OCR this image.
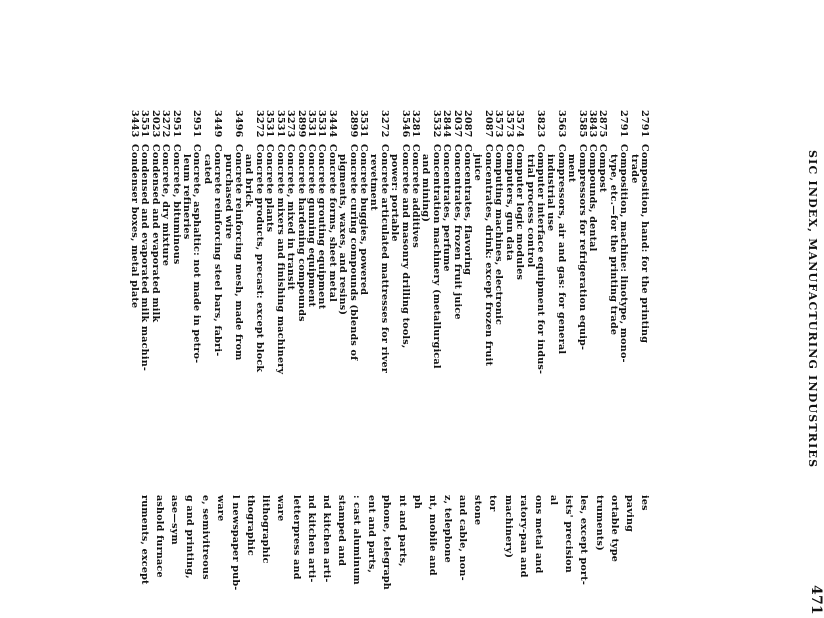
SIC INDEX, MANUFACTURING INDUSTRIES
471
ruments, except ashold furnace ase—sym g and printing, e, semivitreous ware l newspaper pub- thographic lithographic ware letterpress and nd kitchen arti- nd kitchen arti- stamped and : cast aluminum ent and parts, phone, telegraph nt and parts, ph nt, mobile and z, telephone and cable, non- stone tor machinery) ratory-pan and ons metal and al ists' precision les, except port- truments) ortable type paving ies
2791Composition, hand: for the printing
trade
2791Composition, machine: linotype, mono-
type, etc.—for the printing trade
2875Compost
3843Compounds, dental
3585Compressors for refrigeration equip-
ment
3563Compressors, air and gas: for general
industrial use
3823Computer interface equipment for indus-
trial process control
3574Computer logic modules
3573Computers, gun data
3573Computing machines, electronic
2087Concentrates, drink: except frozen fruit
juice
2087Concentrates, flavoring
2037Concentrates, frozen fruit juice
2844Concentrates, perfume
3532Concentration machinery (metallurgical
and mining)
3281Concrete additives
3546Concrete and masonry drilling tools,
power: portable
3272Concrete articulated mattresses for river
revetment
3531Concrete buggies, powered
2899Concrete curing compounds (blends of
pigments, waxes, and resins)
3444Concrete forms, sheet metal
3531Concrete grouting equipment
3531Concrete gunning equipment
2899Concrete hardening compounds
3273Concrete, mixed in transit
3531Concrete mixers and finishing machinery
3531Concrete plants
3272Concrete products, precast: except block
and brick
3496Concrete reinforcing mesh, made from
purchased wire
3449Concrete reinforcing steel bars, fabri-
cated
2951Concrete, asphaltic: not made in petro-
leum refineries
2951Concrete, bituminous
3272Concrete, dry mixture
2023Condensed and evaporated milk
3551Condensed and evaporated milk machin-
3443Condenser boxes, metal plate
